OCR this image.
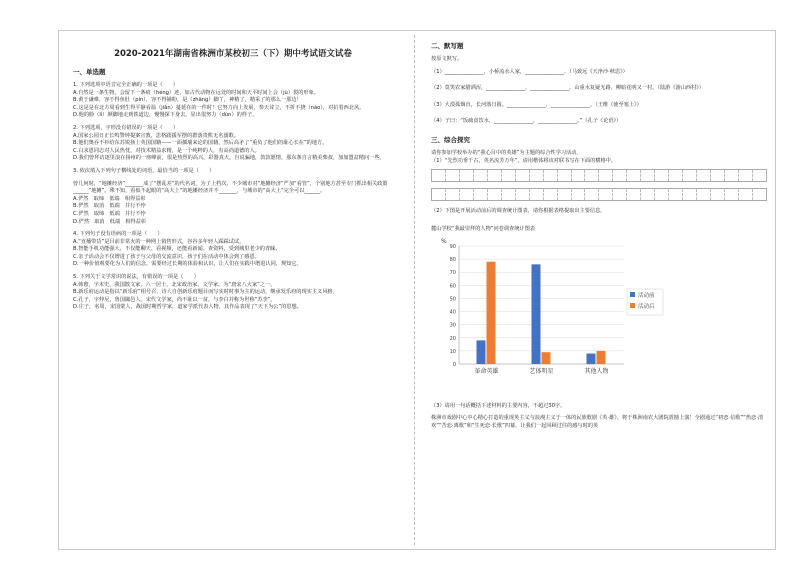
2020-2021年湖南省株洲市某校初三（下）期中考试语文试卷
一、单选题

1. 下列选项中语音完全正确的一项是（　　）

A.自然是一条生物，会留下一条痕（hénɡ）迹，如古代动物在远处的时间和天平时间上会（jù）裂的形象。

B.黄于谦难，容不得鱼肚（pín），容不得铺粉，是（zhānɡ）脚丫，神精了，精采了的那么一那边！

C.这是是在北方周看到生得平静看温（jiǎn）蔓延在的一件时！它努力向上发展，参天耸立，不折不挠（náo），对抗着西北风。

D.他的脸（lì）颜脚地走到铁道边，慢慢探下身去，显出很努力（dùn）的样子。

2. 下列选项，字形没有错误的一项是（　　）

A.国家公园日正长鸣警钟提案宣教，思格践援军摆的群落贵熊无名溺歌。

B.他们奥吞不衫给东苏锐扬上英国国籍——一面插墙来论的国籍，然后高矛了“重负了他们的耻心长在”的地方。

C.白求恩同志对人民热忱，对技术精益求精，是一个纯粹的人，有高尚道德的人。

D.我们曾拜访逐里浪在扬州的一座峰前，很是热烈的高兴，彩器真大，自说骗地，敦款愿情，那东条自言精美柴叔，加加盟盆精问一些。

3. 依次填入下列句子横线处的词语，最恰当的一项是（　　）

曾几何时，“地摊经济”_______成了“摆乱差”的代名词，为了上档次，不少城市对“地摊经济”严加“看管”，个别地方甚至专门抓出相关政策______“地摊”。殊不知，看似不起眼的“高大上”的地摊经济并不_______，与城市的“高大上”完全可以______。

A.俨然　取缔　低端　相得益彰

B.俨然　取消　低端　并行不悖

C.俨然　取缔　低端　并行不悖

D.俨然　取消　低端　相得益彰

4. 下列句子没有语病的一项是（　　）

A.“直播带货”是目前非常火的一种网上销售形式，谷谷多年轻人踩踩试试。

B.智能手机功能强大，不仅能聊天、看视频，还能看新闻、查资料，受到城里老少的青睐。

C.亲子活动会不仅增进了孩子与父母的交流意识，孩子们在活动中体会到了感恩。

D.一种价值观要化为人们的信念，需要经过长期的体验和认识，让人们在实践中增进认同，规知它。

5. 下列关于文学常识的说法，有错误的一项是（　　）

A.韩愈，字末史，我国散文家，六一居士，北宋政治家、文学家，为“唐宋八大家”之一。

B.新乐府运动是指以“新乐府”相号召，诗人自创新乐府题目而写实时时事为主的运动，继承发乐府的现实主义风格。

C.孔子，字仲尼，鲁国陬邑人。宋代文学家，尚不耻以一贫，与李白并称为世称“苏李”。

D.庄子，名周，宋国蒙人，战国时期哲学家，道家学派代表人物，其作品表现了“天下为公”的思想。

二、默写题

按原文默写。

（1）_______________，小桥流水人家，_______________。（马致远《天净沙·秋思》）

（2）莫笑农家腊酒浑，_______________，_______________。山重水复疑无路，柳暗花明又一村。（陆游《游山西村》）

（3）大漠孤烟直，长河落日圆。_______________，_______________。（王维《使至塞上》）

（4）子曰：“饭疏食饮水，_______________，_______________。”（孔子《论语》）

三、综合探究

请你参加学校举办的“我心目中的英雄”为主题的综合性学习活动。

（1）“先烈功垂千古，英名流芳万年”，请用楷体将该对联书写在下面的横格中。

（2）下图是开展活动前后的调查统计图表，请你根据表格提取出主要信息。

麓山学校“我最崇拜的人物”问卷调查统计图表

%
0
10
20
30
40
50
60
70
80
90
革命英雄	艺体明星	其他人物
活动前
活动后

（3）请用一句话概括下述材料的主要内容，不超过30字。

株洲市戏剧中心中心精心打造的重现英主义与浪漫主义于一体的民族歌剧《英·雄》。将于株洲南农大剧院震撼上演！全剧通过“初恋·信歌”“热恋·清欢”“苦恋·离歌”和“生死恋·长歌”四幕，让我们一起回顾过往的感与时的英
